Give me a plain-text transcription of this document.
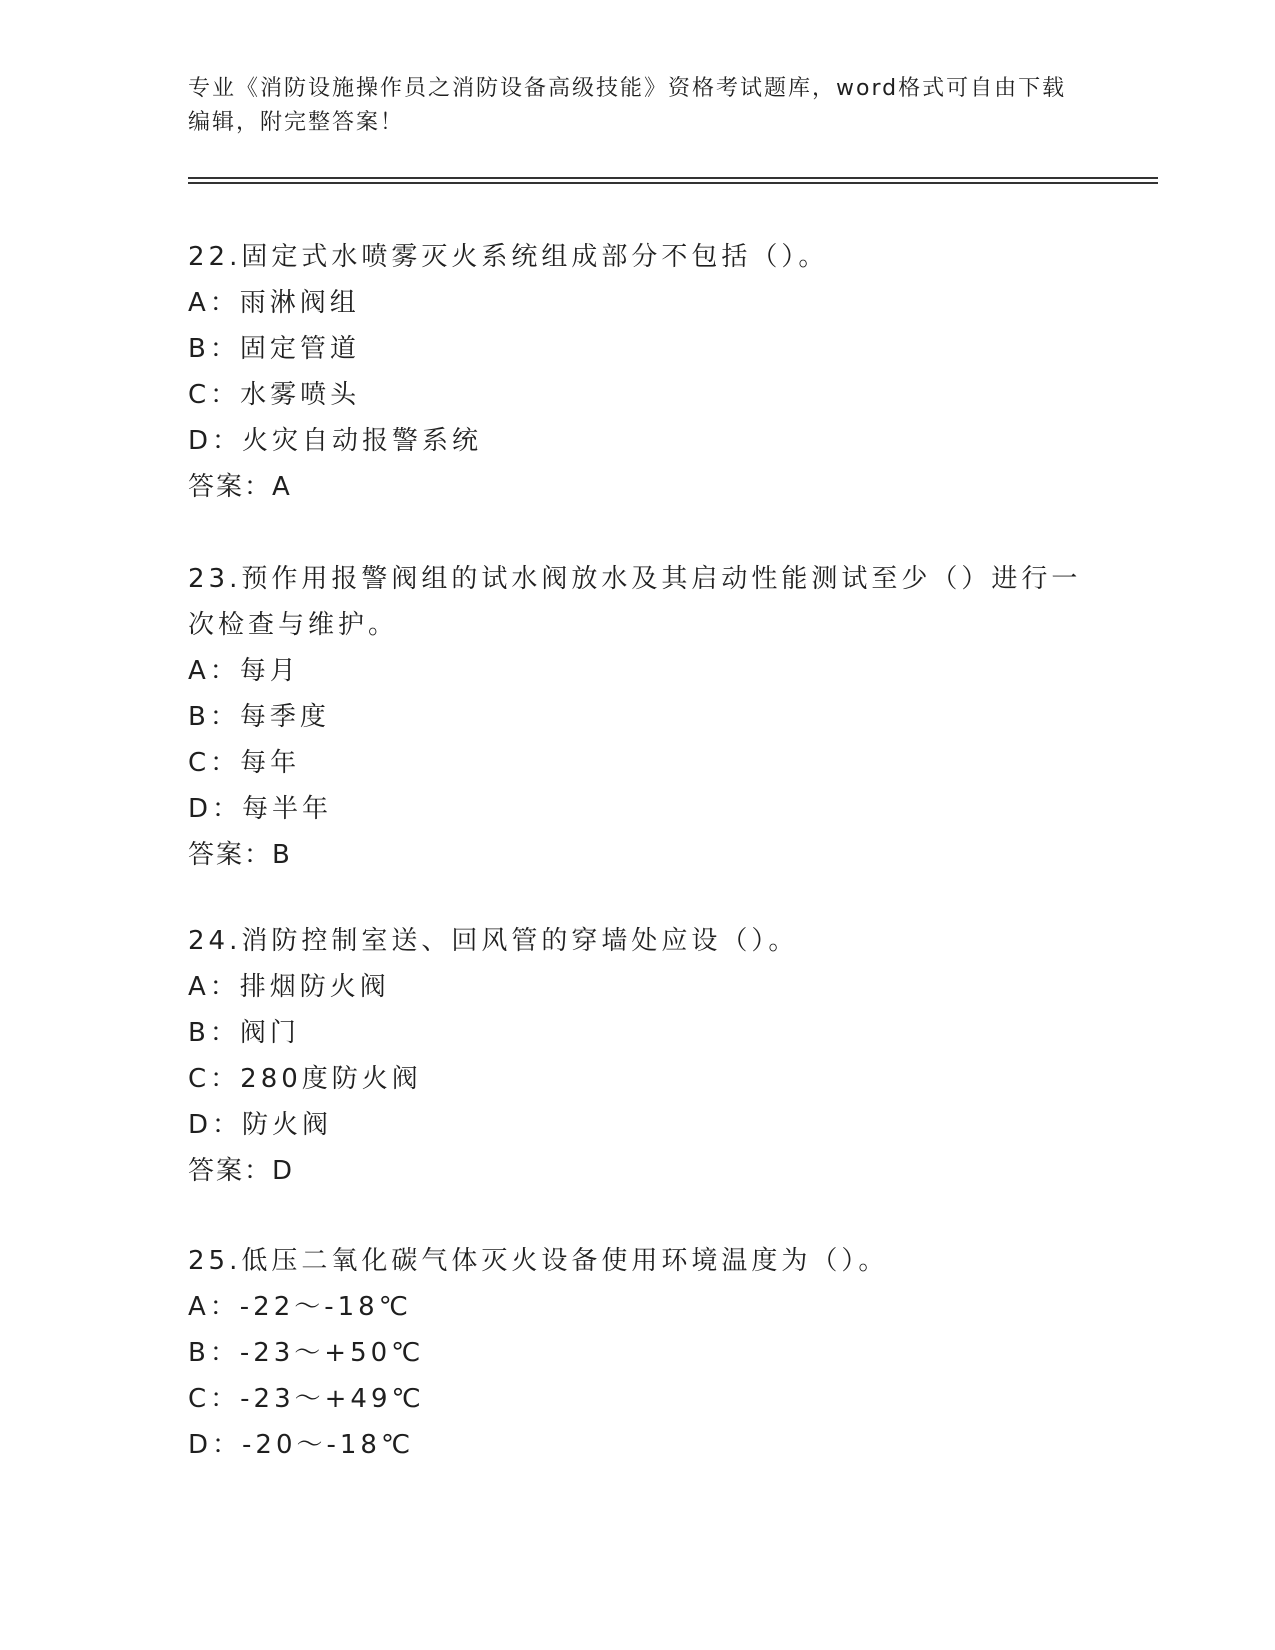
专业《消防设施操作员之消防设备高级技能》资格考试题库，word格式可自由下载编辑，附完整答案！
22.固定式水喷雾灭火系统组成部分不包括（）。
A：雨淋阀组
B：固定管道
C：水雾喷头
D：火灾自动报警系统
答案：A
23.预作用报警阀组的试水阀放水及其启动性能测试至少（）进行一次检查与维护。
A：每月
B：每季度
C：每年
D：每半年
答案：B
24.消防控制室送、回风管的穿墙处应设（）。
A：排烟防火阀
B：阀门
C：280度防火阀
D：防火阀
答案：D
25.低压二氧化碳气体灭火设备使用环境温度为（）。
A：-22～-18℃
B：-23～+50℃
C：-23～+49℃
D：-20～-18℃
